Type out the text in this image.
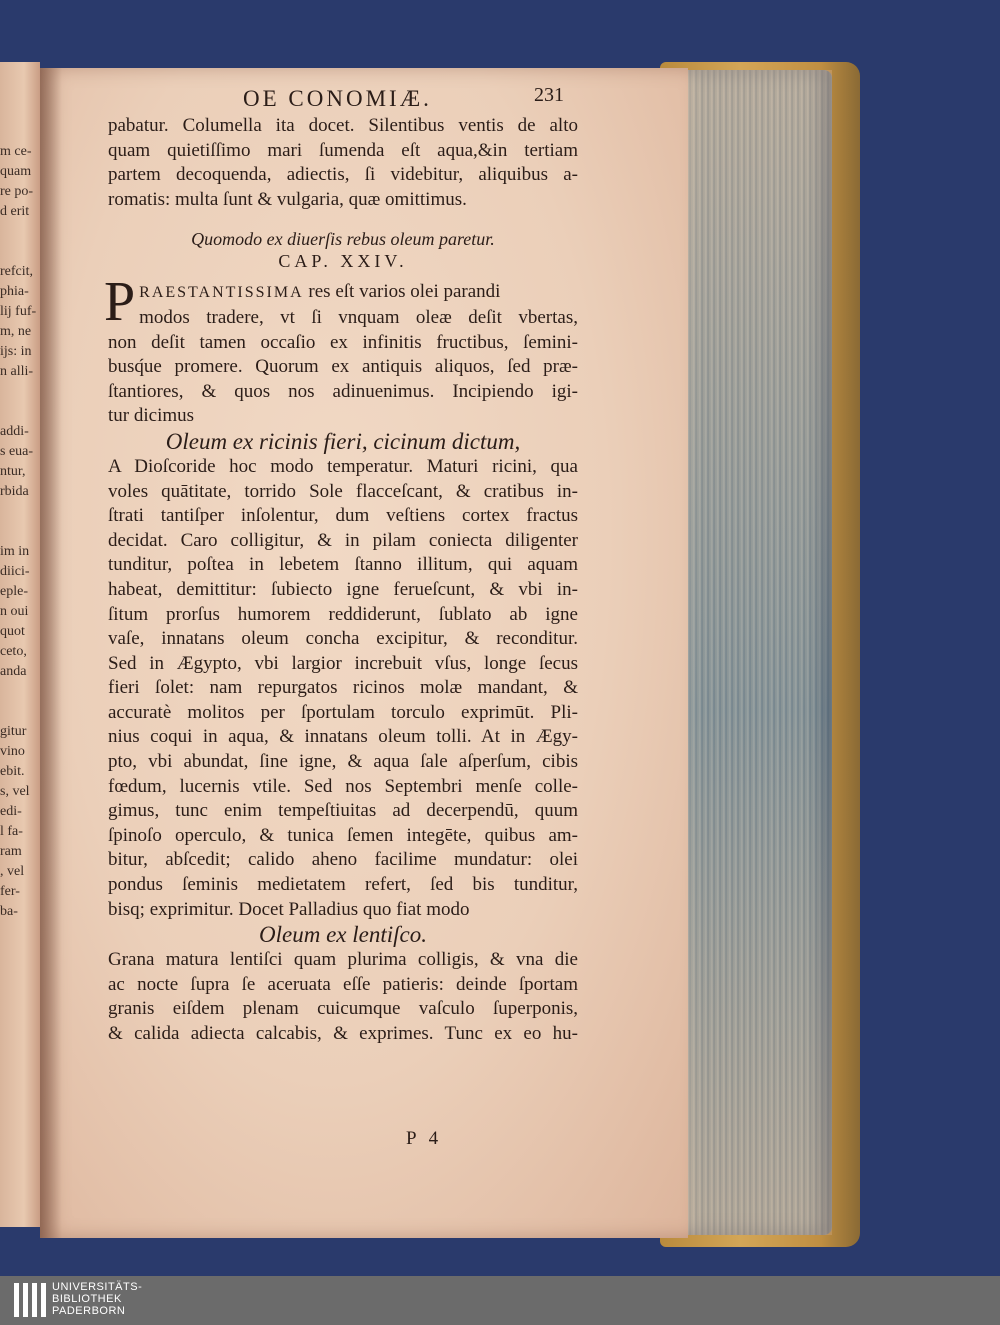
m ce-
quam
re po-
d erit

refcit,
phia-
lij fuf-
m, ne
ijs: in
n alli-

addi-
s eua-
ntur,
rbida

im in
diici-
eple-
n oui
quot
ceto,
anda

gitur
vino
ebit.
s, vel
edi-
l fa-
ram
, vel
fer-
ba-
OE CONOMIÆ.	231
pabatur. Columella ita docet. Silentibus ventis de alto
quam quietiſſimo mari ſumenda eſt aqua,&in tertiam
partem decoquenda, adiectis, ſi videbitur, aliquibus a-
romatis: multa ſunt & vulgaria, quæ omittimus.
Quomodo ex diuerſis rebus oleum paretur.
CAP. XXIV.
P RAESTANTISSIMA res eſt varios olei parandi
modos tradere, vt ſi vnquam oleæ deſit vbertas,
non deſit tamen occaſio ex infinitis fructibus, ſemini-
busq́ue promere. Quorum ex antiquis aliquos, ſed præ-
ſtantiores, & quos nos adinuenimus. Incipiendo igi-
tur dicimus
Oleum ex ricinis fieri, cicinum dictum,
A Dioſcoride hoc modo temperatur. Maturi ricini, qua
voles quātitate, torrido Sole flacceſcant, & cratibus in-
ſtrati tantiſper inſolentur, dum veſtiens cortex fractus
decidat. Caro colligitur, & in pilam coniecta diligenter
tunditur, poſtea in lebetem ſtanno illitum, qui aquam
habeat, demittitur: ſubiecto igne ferueſcunt, & vbi in-
ſitum prorſus humorem reddiderunt, ſublato ab igne
vaſe, innatans oleum concha excipitur, & reconditur.
Sed in Ægypto, vbi largior increbuit vſus, longe ſecus
fieri ſolet: nam repurgatos ricinos molæ mandant, &
accuratè molitos per ſportulam torculo exprimūt. Pli-
nius coqui in aqua, & innatans oleum tolli. At in Ægy-
pto, vbi abundat, ſine igne, & aqua ſale aſperſum, cibis
fœdum, lucernis vtile. Sed nos Septembri menſe colle-
gimus, tunc enim tempeſtiuitas ad decerpendū, quum
ſpinoſo operculo, & tunica ſemen integēte, quibus am-
bitur, abſcedit; calido aheno facilime mundatur: olei
pondus ſeminis medietatem refert, ſed bis tunditur,
bisq; exprimitur. Docet Palladius quo fiat modo
Oleum ex lentiſco.
Grana matura lentiſci quam plurima colligis, & vna die
ac nocte ſupra ſe aceruata eſſe patieris: deinde ſportam
granis eiſdem plenam cuicumque vaſculo ſuperponis,
& calida adiecta calcabis, & exprimes. Tunc ex eo hu-
P 4
UNIVERSITÄTS-
BIBLIOTHEK
PADERBORN
